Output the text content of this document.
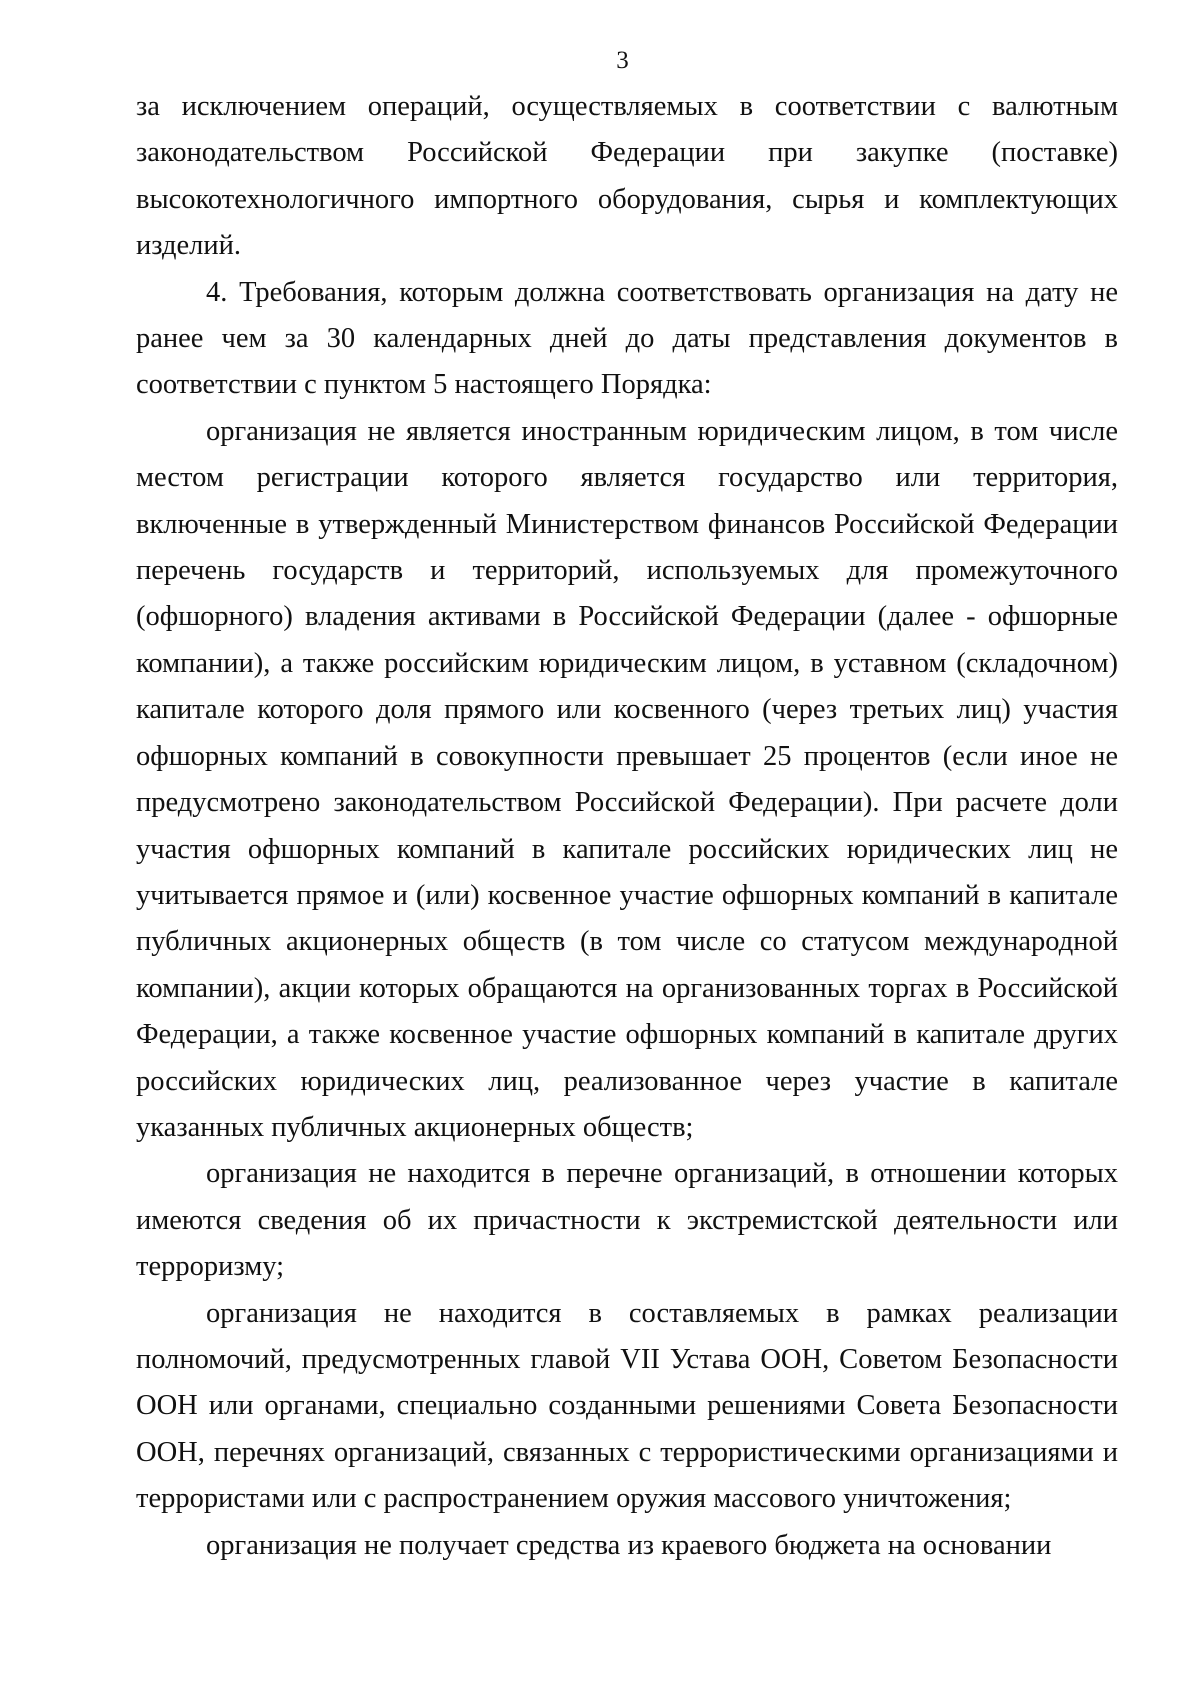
3

за исключением операций, осуществляемых в соответствии с валютным законодательством Российской Федерации при закупке (поставке) высокотехнологичного импортного оборудования, сырья и комплектующих изделий.

4. Требования, которым должна соответствовать организация на дату не ранее чем за 30 календарных дней до даты представления документов в соответствии с пунктом 5 настоящего Порядка:

организация не является иностранным юридическим лицом, в том числе местом регистрации которого является государство или территория, включенные в утвержденный Министерством финансов Российской Федерации перечень государств и территорий, используемых для промежуточного (офшорного) владения активами в Российской Федерации (далее - офшорные компании), а также российским юридическим лицом, в уставном (складочном) капитале которого доля прямого или косвенного (через третьих лиц) участия офшорных компаний в совокупности превышает 25 процентов (если иное не предусмотрено законодательством Российской Федерации). При расчете доли участия офшорных компаний в капитале российских юридических лиц не учитывается прямое и (или) косвенное участие офшорных компаний в капитале публичных акционерных обществ (в том числе со статусом международной компании), акции которых обращаются на организованных торгах в Российской Федерации, а также косвенное участие офшорных компаний в капитале других российских юридических лиц, реализованное через участие в капитале указанных публичных акционерных обществ;

организация не находится в перечне организаций, в отношении которых имеются сведения об их причастности к экстремистской деятельности или терроризму;

организация не находится в составляемых в рамках реализации полномочий, предусмотренных главой VII Устава ООН, Советом Безопасности ООН или органами, специально созданными решениями Совета Безопасности ООН, перечнях организаций, связанных с террористическими организациями и террористами или с распространением оружия массового уничтожения;

организация не получает средства из краевого бюджета на основании
